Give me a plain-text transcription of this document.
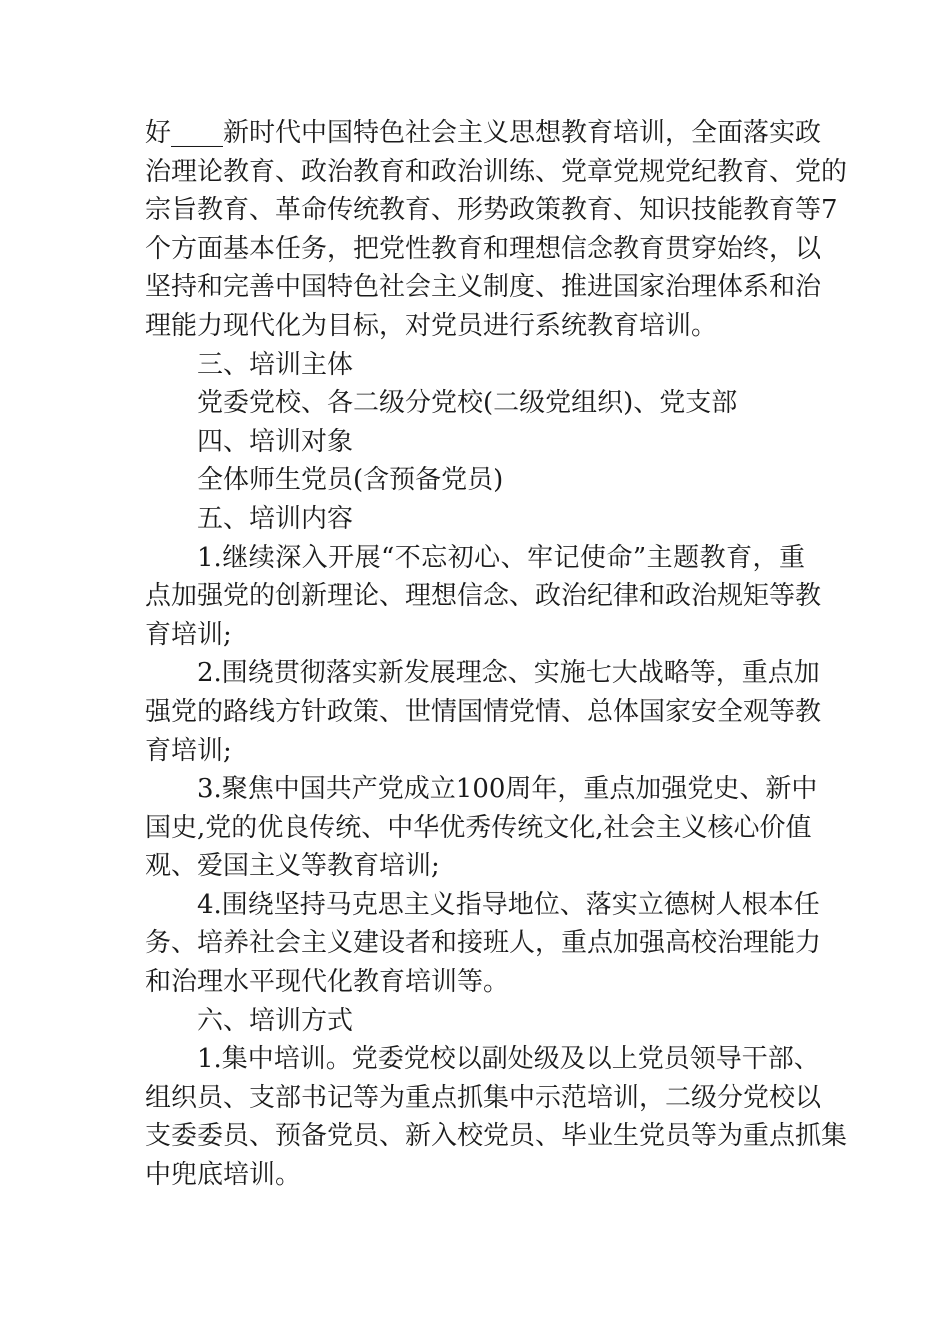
好____新时代中国特色社会主义思想教育培训，全面落实政
治理论教育、政治教育和政治训练、党章党规党纪教育、党的
宗旨教育、革命传统教育、形势政策教育、知识技能教育等7
个方面基本任务，把党性教育和理想信念教育贯穿始终，以
坚持和完善中国特色社会主义制度、推进国家治理体系和治
理能力现代化为目标，对党员进行系统教育培训。
三、培训主体
党委党校、各二级分党校(二级党组织)、党支部
四、培训对象
全体师生党员(含预备党员)
五、培训内容
1.继续深入开展“不忘初心、牢记使命”主题教育，重
点加强党的创新理论、理想信念、政治纪律和政治规矩等教
育培训;
2.围绕贯彻落实新发展理念、实施七大战略等，重点加
强党的路线方针政策、世情国情党情、总体国家安全观等教
育培训;
3.聚焦中国共产党成立100周年，重点加强党史、新中
国史,党的优良传统、中华优秀传统文化,社会主义核心价值
观、爱国主义等教育培训;
4.围绕坚持马克思主义指导地位、落实立德树人根本任
务、培养社会主义建设者和接班人，重点加强高校治理能力
和治理水平现代化教育培训等。
六、培训方式
1.集中培训。党委党校以副处级及以上党员领导干部、
组织员、支部书记等为重点抓集中示范培训，二级分党校以
支委委员、预备党员、新入校党员、毕业生党员等为重点抓集
中兜底培训。
